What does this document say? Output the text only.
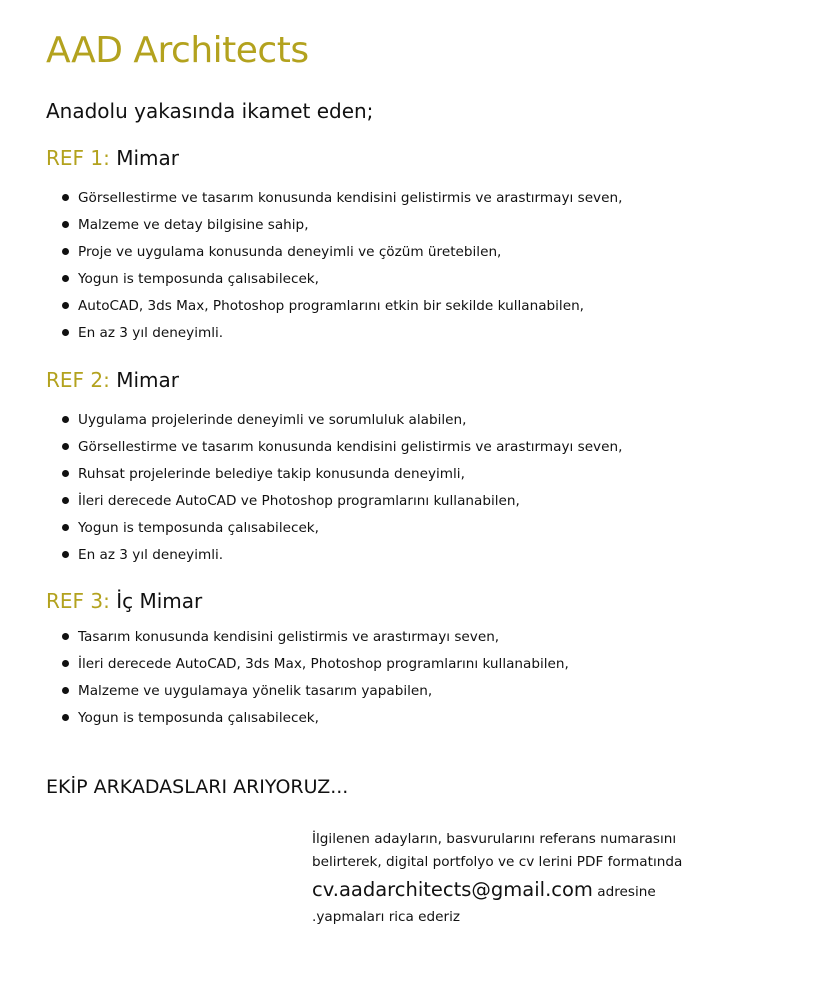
AAD Architects
Anadolu yakasında ikamet eden;
REF 1: Mimar
Görsellestirme ve tasarım konusunda kendisini gelistirmis ve arastırmayı seven,
Malzeme ve detay bilgisine sahip,
Proje ve uygulama konusunda deneyimli ve çözüm üretebilen,
Yogun is temposunda çalısabilecek,
AutoCAD, 3ds Max, Photoshop programlarını etkin bir sekilde kullanabilen,
En az 3 yıl deneyimli.
REF 2: Mimar
Uygulama projelerinde deneyimli ve sorumluluk alabilen,
Görsellestirme ve tasarım konusunda kendisini gelistirmis ve arastırmayı seven,
Ruhsat projelerinde belediye takip konusunda deneyimli,
İleri derecede AutoCAD ve Photoshop programlarını kullanabilen,
Yogun is temposunda çalısabilecek,
En az 3 yıl deneyimli.
REF 3: İç Mimar
Tasarım konusunda kendisini gelistirmis ve arastırmayı seven,
İleri derecede AutoCAD, 3ds Max, Photoshop programlarını kullanabilen,
Malzeme ve uygulamaya yönelik tasarım yapabilen,
Yogun is temposunda çalısabilecek,
EKİP ARKADASLARI ARIYORUZ...
İlgilenen adayların, basvurularını referans numarasını
belirterek, digital portfolyo ve cv lerini PDF formatında
cv.aadarchitects@gmail.com adresine
.yapmaları rica ederiz
